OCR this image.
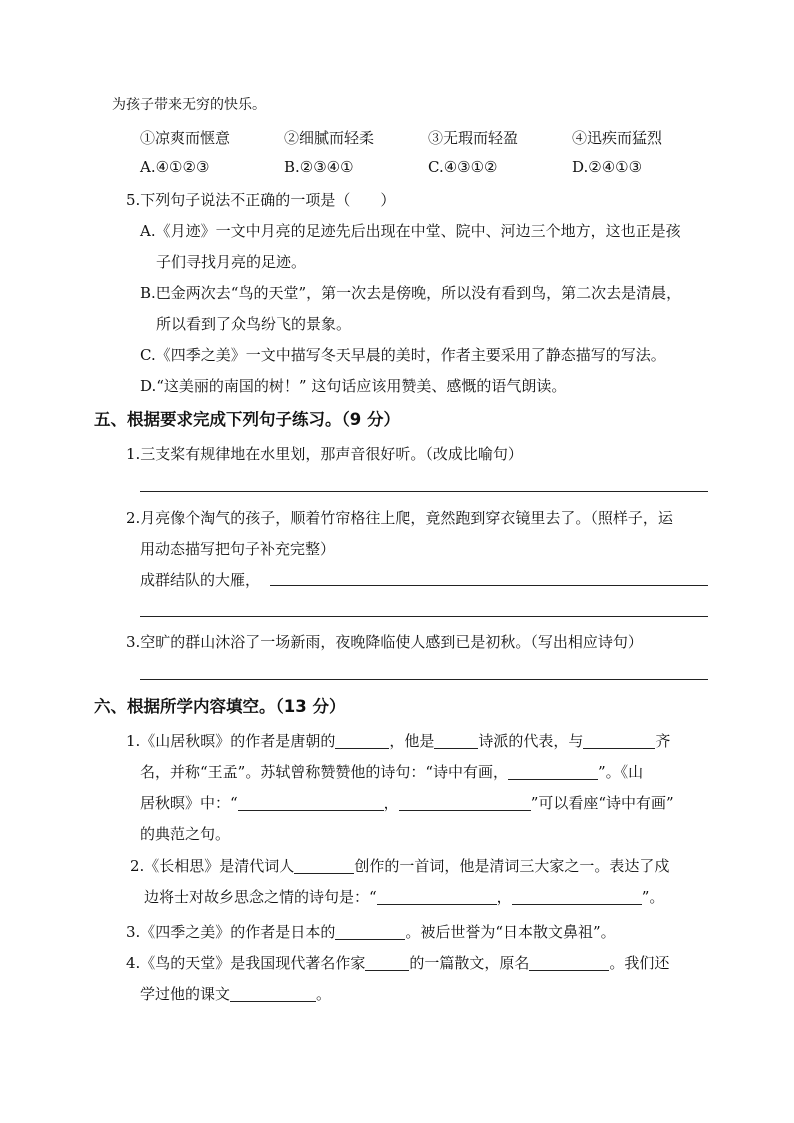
为孩子带来无穷的快乐。
①凉爽而惬意	②细腻而轻柔	③无瑕而轻盈	④迅疾而猛烈
A.④①②③	B.②③④①	C.④③①②	D.②④①③
5.下列句子说法不正确的一项是（　　）
A.《月迹》一文中月亮的足迹先后出现在中堂、院中、河边三个地方，这也正是孩
子们寻找月亮的足迹。
B.巴金两次去“鸟的天堂”，第一次去是傍晚，所以没有看到鸟，第二次去是清晨，
所以看到了众鸟纷飞的景象。
C.《四季之美》一文中描写冬天早晨的美时，作者主要采用了静态描写的写法。
D.“这美丽的南国的树！” 这句话应该用赞美、感慨的语气朗读。
五、根据要求完成下列句子练习。（9 分）
1.三支桨有规律地在水里划，那声音很好听。（改成比喻句）
2.月亮像个淘气的孩子，顺着竹帘格往上爬，竟然跑到穿衣镜里去了。（照样子，运
用动态描写把句子补充完整）
成群结队的大雁，
3.空旷的群山沐浴了一场新雨，夜晚降临使人感到已是初秋。（写出相应诗句）
六、根据所学内容填空。（13 分）
1.《山居秋暝》的作者是唐朝的	，他是	诗派的代表，与	齐
名，并称“王孟”。苏轼曾称赞赞他的诗句：“诗中有画，	”。《山
居秋暝》中：“	，	”可以看座“诗中有画”
的典范之句。
2.《长相思》是清代词人	创作的一首词，他是清词三大家之一。表达了戍
边将士对故乡思念之情的诗句是：“	，	”。
3.《四季之美》的作者是日本的	。被后世誉为“日本散文鼻祖”。
4.《鸟的天堂》是我国现代著名作家	的一篇散文，原名	。我们还
学过他的课文	。
